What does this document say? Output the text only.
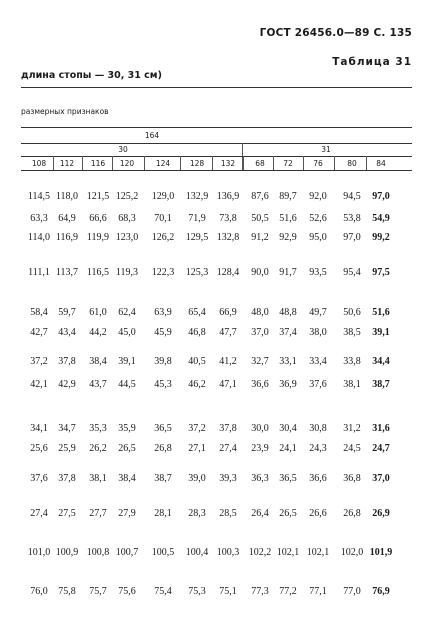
ГОСТ 26456.0—89 С. 135
Таблица 31
длина стопы — 30, 31 см)
размерных признаков
164
30	31
108	112	116	120	124	128	132	68	72	76	80	84
114,5 118,0 121,5 125,2	129,0	132,9 136,9	87,6	89,7	92,0	94,5	97,0
63,3	64,9	66,6	68,3	70,1	71,9	73,8	50,5	51,6	52,6	53,8	54,9
114,0 116,9 119,9 123,0	126,2	129,5 132,8	91,2	92,9	95,0	97,0	99,2
111,1 113,7 116,5 119,3	122,3	125,3 128,4	90,0	91,7	93,5	95,4	97,5
58,4	59,7	61,0	62,4	63,9	65,4	66,9	48,0	48,8	49,7	50,6	51,6
42,7	43,4	44,2	45,0	45,9	46,8	47,7	37,0	37,4	38,0	38,5	39,1
37,2	37,8	38,4	39,1	39,8	40,5	41,2	32,7	33,1	33,4	33,8	34,4
42,1	42,9	43,7	44,5	45,3	46,2	47,1	36,6	36,9	37,6	38,1	38,7
34,1	34,7	35,3	35,9	36,5	37,2	37,8	30,0	30,4	30,8	31,2	31,6
25,6	25,9	26,2	26,5	26,8	27,1	27,4	23,9	24,1	24,3	24,5	24,7
37,6	37,8	38,1	38,4	38,7	39,0	39,3	36,3	36,5	36,6	36,8	37,0
27,4	27,5	27,7	27,9	28,1	28,3	28,5	26,4	26,5	26,6	26,8	26,9
101,0 100,9 100,8 100,7	100,5	100,4 100,3 102,2 102,1 102,1	102,0 101,9
76,0	75,8	75,7	75,6	75,4	75,3	75,1	77,3	77,2	77,1	77,0	76,9
